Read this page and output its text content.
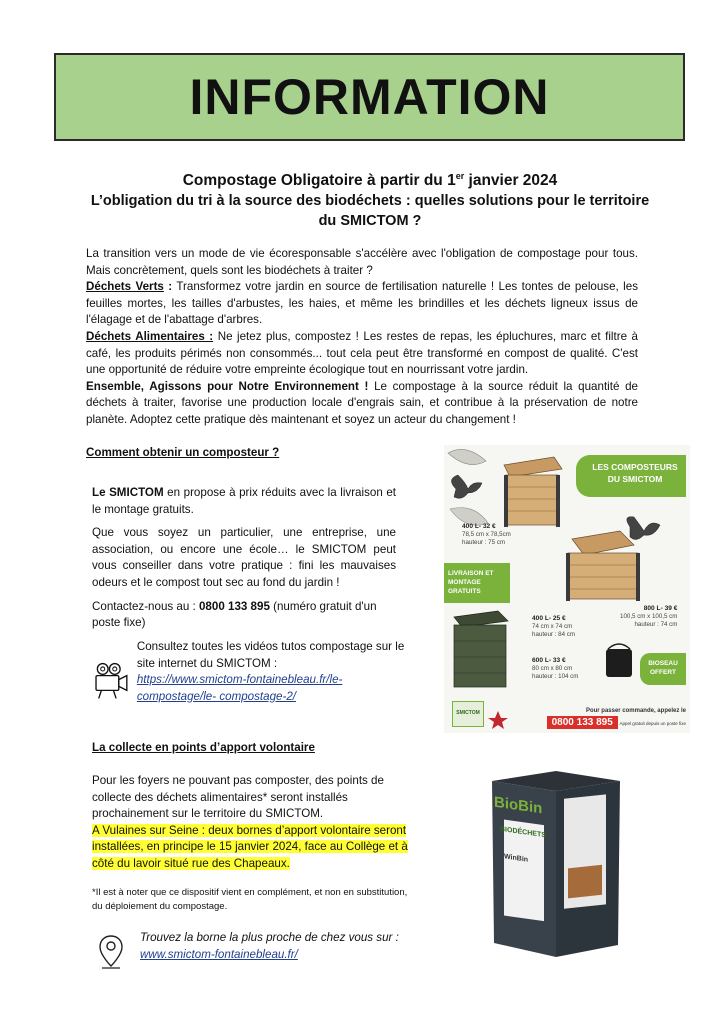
INFORMATION
Compostage Obligatoire à partir du 1er janvier 2024
L’obligation du tri à la source des biodéchets : quelles solutions pour le territoire du SMICTOM ?

La transition vers un mode de vie écoresponsable s'accélère avec l'obligation de compostage pour tous. Mais concrètement, quels sont les biodéchets à traiter ?

Déchets Verts : Transformez votre jardin en source de fertilisation naturelle ! Les tontes de pelouse, les feuilles mortes, les tailles d'arbustes, les haies, et même les brindilles et les déchets ligneux issus de l'élagage et de l'abattage d'arbres.

Déchets Alimentaires : Ne jetez plus, compostez ! Les restes de repas, les épluchures, marc et filtre à café, les produits périmés non consommés... tout cela peut être transformé en compost de qualité. C'est une opportunité de réduire votre empreinte écologique tout en nourrissant votre jardin.

Ensemble, Agissons pour Notre Environnement ! Le compostage à la source réduit la quantité de déchets à traiter, favorise une production locale d'engrais sain, et contribue à la préservation de notre planète. Adoptez cette pratique dès maintenant et soyez un acteur du changement !

Comment obtenir un composteur ?

Le SMICTOM en propose à prix réduits avec la livraison et le montage gratuits.

Que vous soyez un particulier, une entreprise, une association, ou encore une école… le SMICTOM peut vous conseiller dans votre pratique : fini les mauvaises odeurs et le compost tout sec au fond du jardin !

Contactez-nous au : 0800 133 895 (numéro gratuit d'un poste fixe)

Consultez toutes les vidéos tutos compostage sur le site internet du SMICTOM :
https://www.smictom-fontainebleau.fr/le-compostage/le- compostage-2/
LES COMPOSTEURS DU SMICTOM
LIVRAISON ET MONTAGE GRATUITS
BIOSEAU OFFERT
400 L- 32 €
78,5 cm x 78,5cm
hauteur : 75 cm
800 L- 39 €
100,5 cm x 100,5 cm
hauteur : 74 cm
400 L- 25 €
74 cm x 74 cm
hauteur : 84 cm
600 L- 33 €
80 cm x 80 cm
hauteur : 104 cm
SMICTOM	Pour passer commande, appelez le
0800 133 895 Appel gratuit depuis un poste fixe
La collecte en points d’apport volontaire

Pour les foyers ne pouvant pas composter, des points de collecte des déchets alimentaires* seront installés prochainement sur le territoire du SMICTOM.

A Vulaines sur Seine : deux bornes d’apport volontaire seront installées, en principe le 15 janvier 2024, face au Collège et à côté du lavoir situé rue des Chapeaux.

*Il est à noter que ce dispositif vient en complément, et non en substitution, du déploiement du compostage.
Trouvez la borne la plus proche de chez vous sur :
www.smictom-fontainebleau.fr/
BioBin
BIODÉCHETS
WinBin
